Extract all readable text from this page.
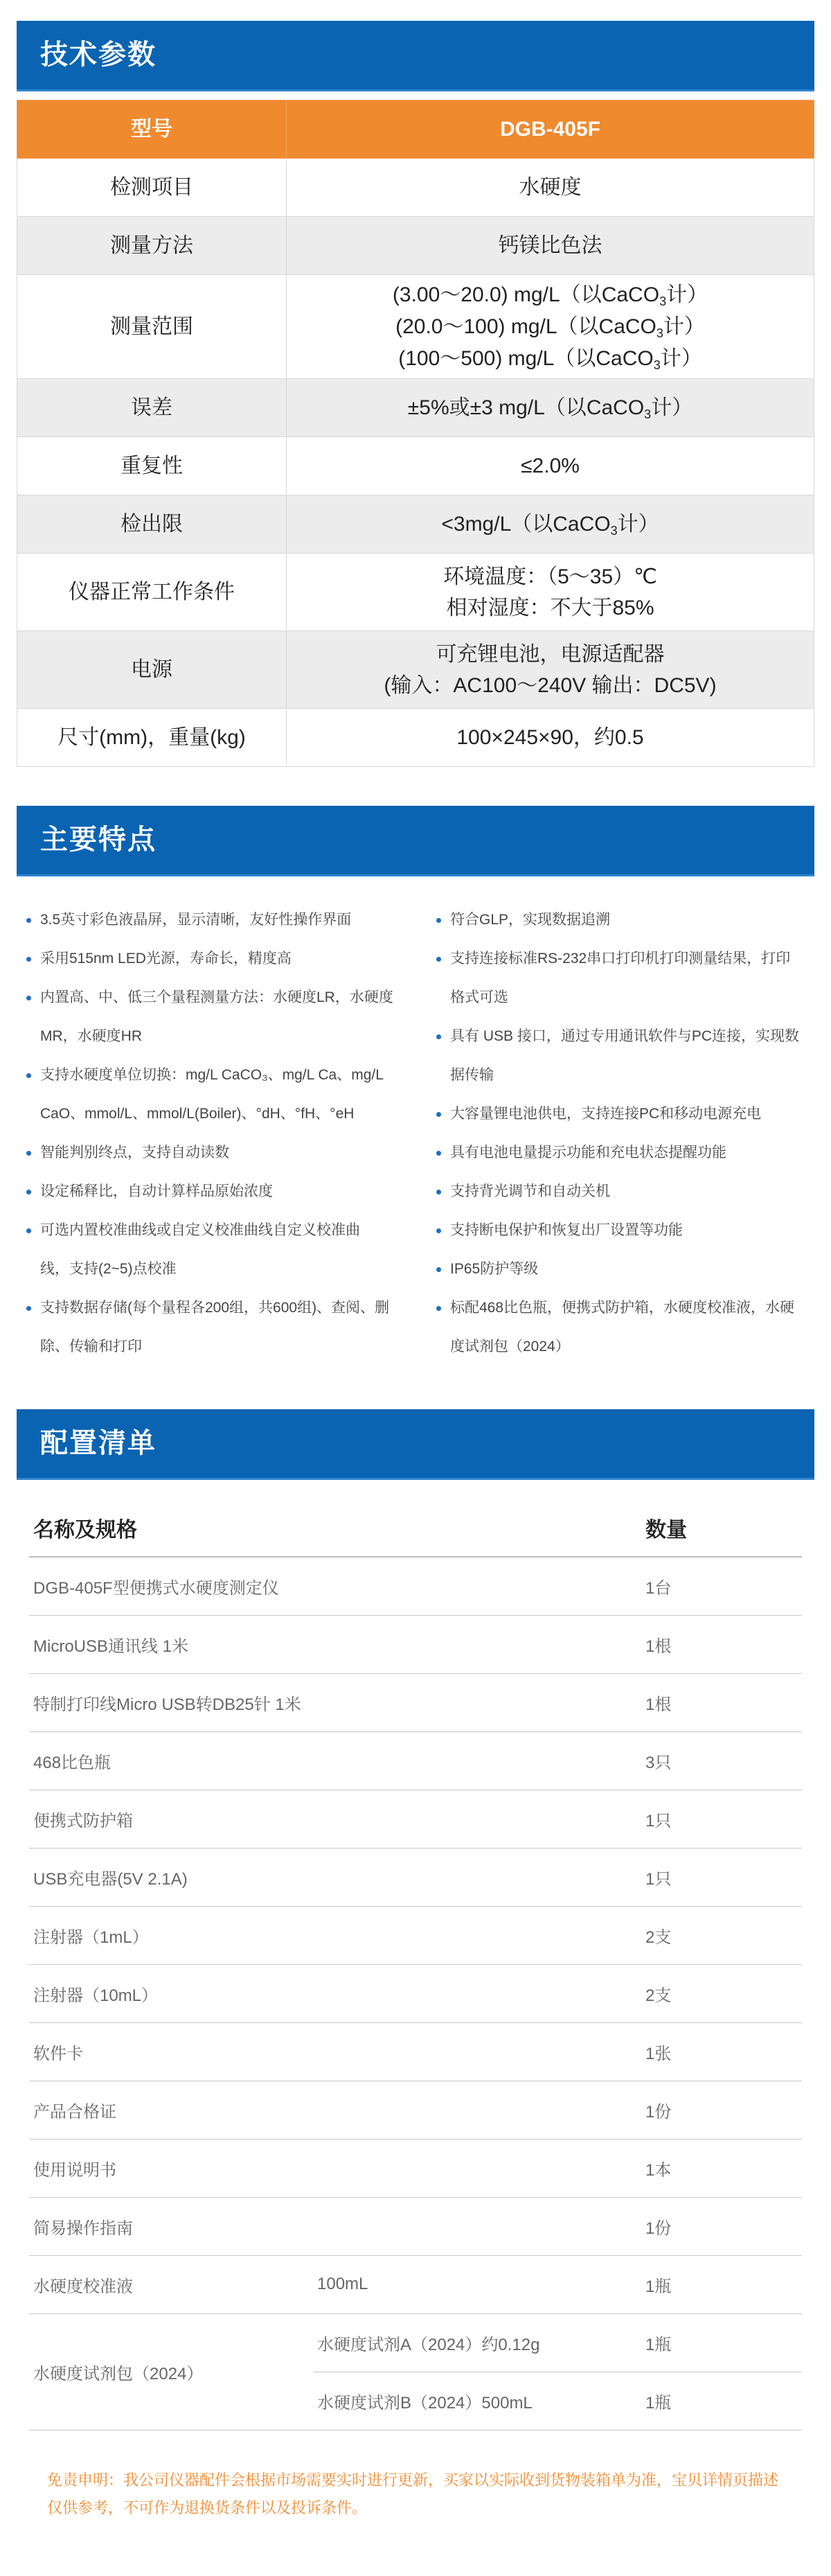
技术参数
型号	DGB-405F
检测项目	水硬度

测量方法	钙镁比色法

测量范围	(3.00～20.0) mg/L（以CaCO$_3$计）
(20.0～100) mg/L（以CaCO$_3$计）
(100～500) mg/L（以CaCO$_3$计）

误差	±5%或±3 mg/L（以CaCO$_3$计）

重复性	≤2.0%

检出限	<3mg/L（以CaCO$_3$计）

仪器正常工作条件	环境温度：（5～35）℃
相对湿度：不大于85%

电源	可充锂电池，电源适配器
(输入：AC100～240V 输出：DC5V)

尺寸(mm)，重量(kg)	100×245×90，约0.5
主要特点
3.5英寸彩色液晶屏，显示清晰，友好性操作界面
采用515nm LED光源，寿命长，精度高
内置高、中、低三个量程测量方法：水硬度LR，水硬度
MR，水硬度HR
支持水硬度单位切换：mg/L CaCO₃、mg/L Ca、mg/L
CaO、mmol/L、mmol/L(Boiler)、°dH、°fH、°eH
智能判别终点，支持自动读数
设定稀释比，自动计算样品原始浓度
可选内置校准曲线或自定义校准曲线自定义校准曲
线，支持(2~5)点校准
支持数据存储(每个量程各200组，共600组)、查阅、删
除、传输和打印
符合GLP，实现数据追溯
支持连接标准RS-232串口打印机打印测量结果，打印
格式可选
具有 USB 接口，通过专用通讯软件与PC连接，实现数
据传输
大容量锂电池供电，支持连接PC和移动电源充电
具有电池电量提示功能和充电状态提醒功能
支持背光调节和自动关机
支持断电保护和恢复出厂设置等功能
IP65防护等级
标配468比色瓶，便携式防护箱，水硬度校准液，水硬
度试剂包（2024）
配置清单
名称及规格		数量
DGB-405F型便携式水硬度测定仪		1台
MicroUSB通讯线 1米		1根
特制打印线Micro USB转DB25针 1米		1根
468比色瓶		3只
便携式防护箱		1只
USB充电器(5V 2.1A)		1只
注射器（1mL）		2支
注射器（10mL）		2支
软件卡		1张
产品合格证		1份
使用说明书		1本
简易操作指南		1份
水硬度校准液	100mL	1瓶
水硬度试剂包（2024）	水硬度试剂A（2024）约0.12g	1瓶
	水硬度试剂B（2024）500mL	1瓶
免责申明：我公司仪器配件会根据市场需要实时进行更新，买家以实际收到货物装箱单为准，宝贝详情页描述仅供参考，不可作为退换货条件以及投诉条件。
